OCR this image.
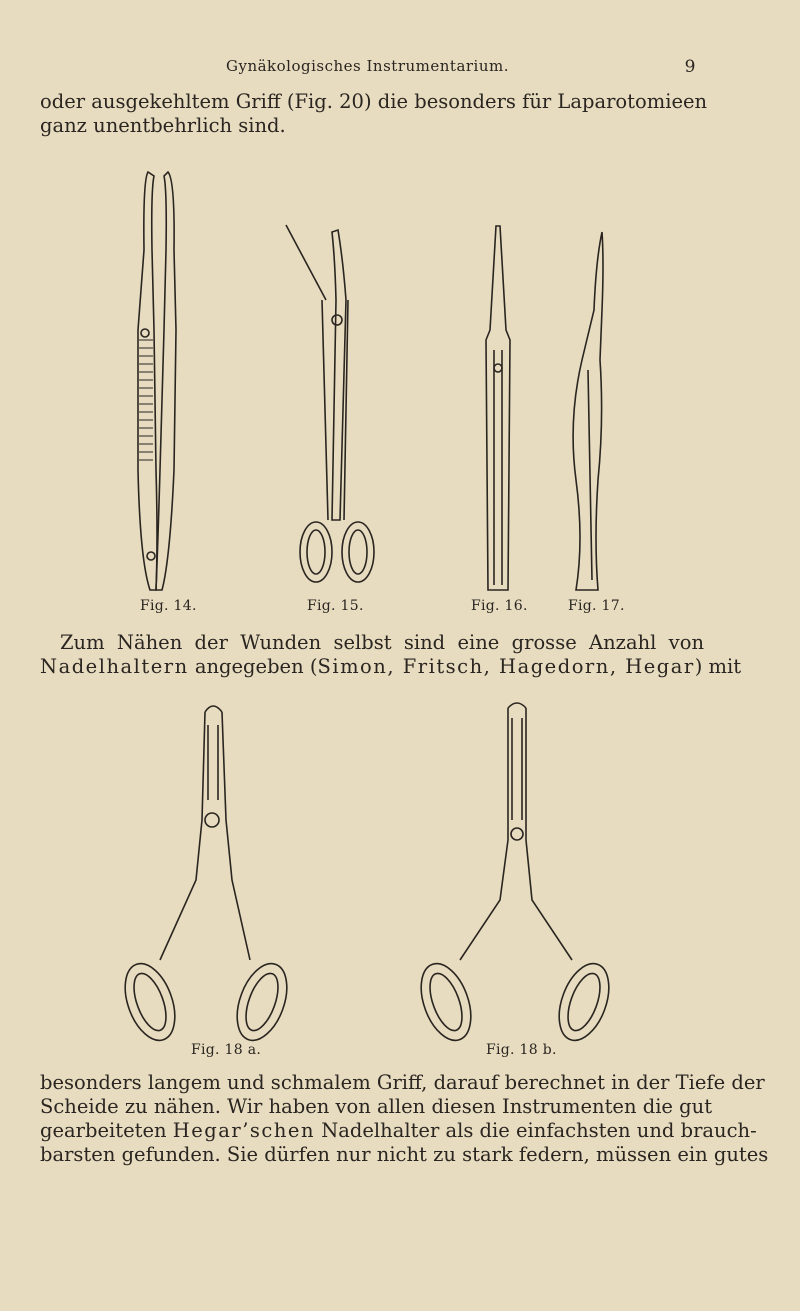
Gynäkologisches Instrumentarium.	9
oder ausgekehltem Griff (Fig. 20) die besonders für Laparotomieen
ganz unentbehrlich sind.
Fig. 14.	Fig. 15.	Fig. 16.	Fig. 17.
Zum Nähen der Wunden selbst sind eine grosse Anzahl von
Nadelhaltern angegeben (Simon, Fritsch, Hagedorn, Hegar) mit
Fig. 18 a.	Fig. 18 b.
besonders langem und schmalem Griff, darauf berechnet in der Tiefe der
Scheide zu nähen. Wir haben von allen diesen Instrumenten die gut
gearbeiteten Hegar’schen Nadelhalter als die einfachsten und brauch-
barsten gefunden. Sie dürfen nur nicht zu stark federn, müssen ein gutes
